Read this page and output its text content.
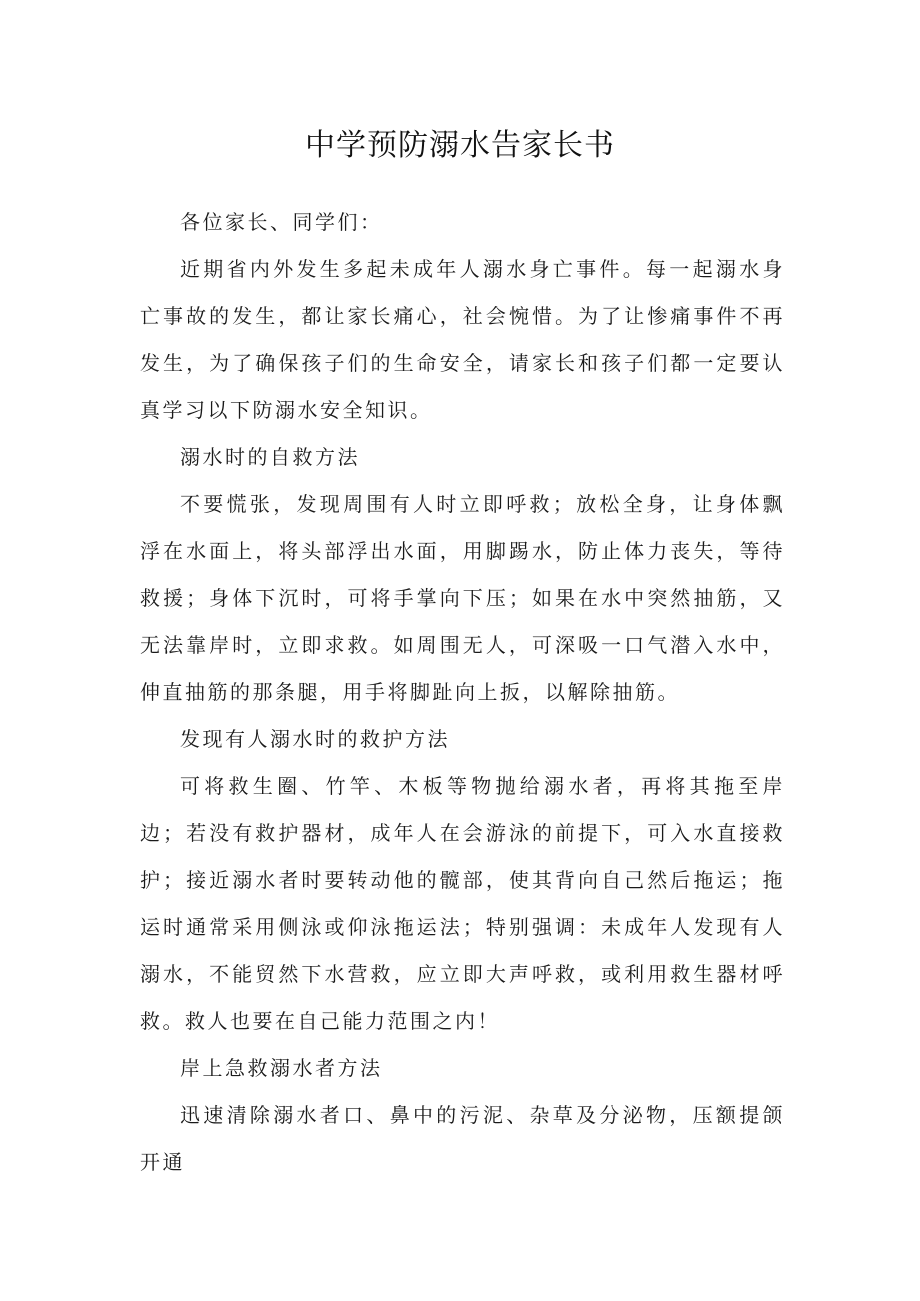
中学预防溺水告家长书

各位家长、同学们：

近期省内外发生多起未成年人溺水身亡事件。每一起溺水身亡事故的发生，都让家长痛心，社会惋惜。为了让惨痛事件不再发生，为了确保孩子们的生命安全，请家长和孩子们都一定要认真学习以下防溺水安全知识。

溺水时的自救方法

不要慌张，发现周围有人时立即呼救；放松全身，让身体飘浮在水面上，将头部浮出水面，用脚踢水，防止体力丧失，等待救援；身体下沉时，可将手掌向下压；如果在水中突然抽筋，又无法靠岸时，立即求救。如周围无人，可深吸一口气潜入水中，伸直抽筋的那条腿，用手将脚趾向上扳，以解除抽筋。

发现有人溺水时的救护方法

可将救生圈、竹竿、木板等物抛给溺水者，再将其拖至岸边；若没有救护器材，成年人在会游泳的前提下，可入水直接救护；接近溺水者时要转动他的髋部，使其背向自己然后拖运；拖运时通常采用侧泳或仰泳拖运法；特别强调：未成年人发现有人溺水，不能贸然下水营救，应立即大声呼救，或利用救生器材呼救。救人也要在自己能力范围之内！

岸上急救溺水者方法

迅速清除溺水者口、鼻中的污泥、杂草及分泌物，压额提颌开通
